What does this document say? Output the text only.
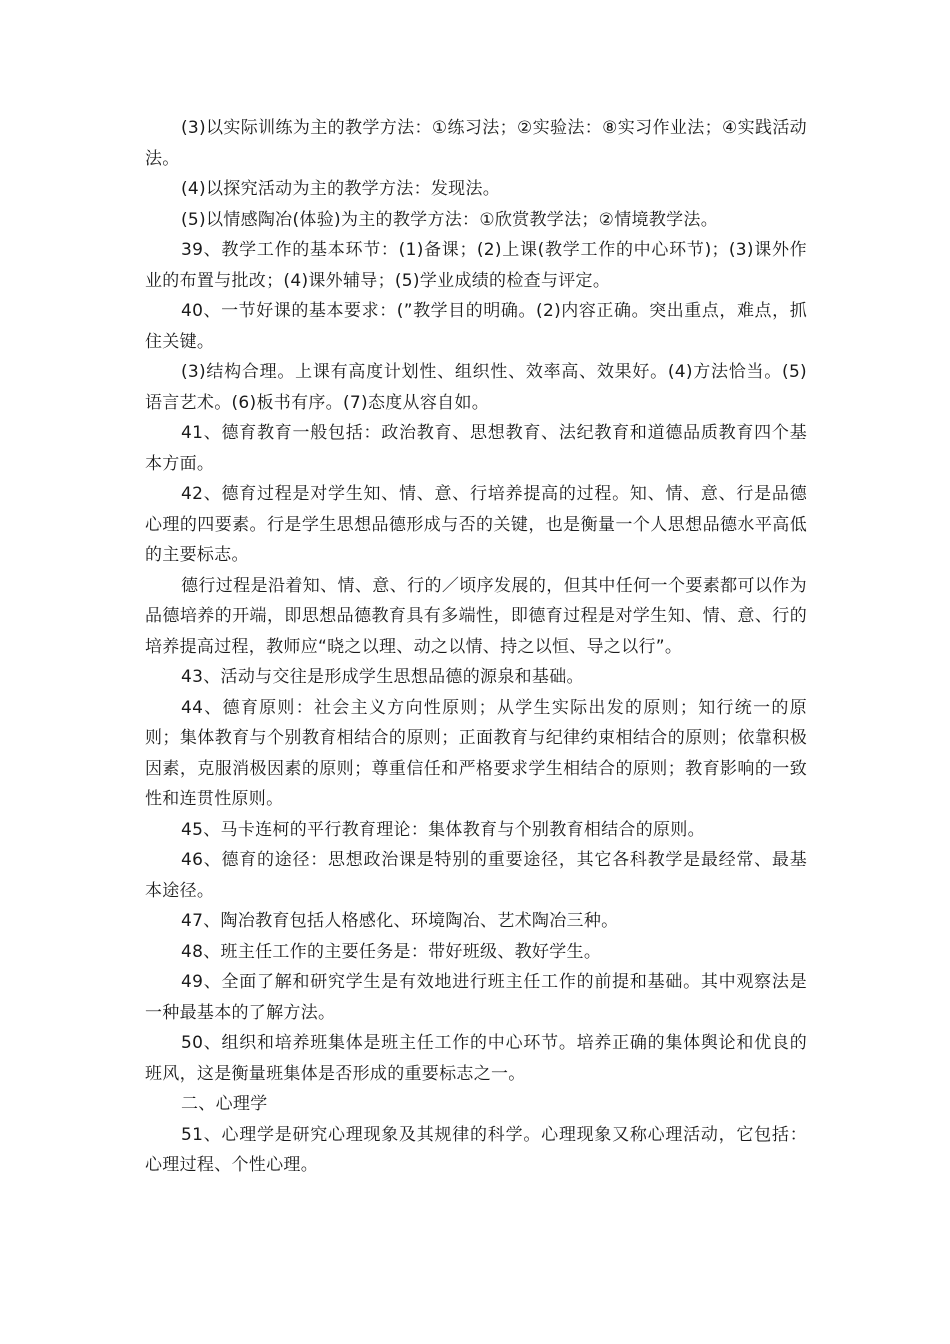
(3)以实际训练为主的教学方法：①练习法；②实验法：⑧实习作业法；④实践活动法。

(4)以探究活动为主的教学方法：发现法。

(5)以情感陶冶(体验)为主的教学方法：①欣赏教学法；②情境教学法。

39、教学工作的基本环节：(1)备课；(2)上课(教学工作的中心环节)；(3)课外作业的布置与批改；(4)课外辅导；(5)学业成绩的检查与评定。

40、一节好课的基本要求：(”教学目的明确。(2)内容正确。突出重点，难点，抓住关键。

(3)结构合理。上课有高度计划性、组织性、效率高、效果好。(4)方法恰当。(5)语言艺术。(6)板书有序。(7)态度从容自如。

41、德育教育一般包括：政治教育、思想教育、法纪教育和道德品质教育四个基本方面。

42、德育过程是对学生知、情、意、行培养提高的过程。知、情、意、行是品德心理的四要素。行是学生思想品德形成与否的关键，也是衡量一个人思想品德水平高低的主要标志。

德行过程是沿着知、情、意、行的／顷序发展的，但其中任何一个要素都可以作为品德培养的开端，即思想品德教育具有多端性，即德育过程是对学生知、情、意、行的培养提高过程，教师应“晓之以理、动之以情、持之以恒、导之以行”。

43、活动与交往是形成学生思想品德的源泉和基础。

44、德育原则：社会主义方向性原则；从学生实际出发的原则；知行统一的原则；集体教育与个别教育相结合的原则；正面教育与纪律约束相结合的原则；依靠积极因素，克服消极因素的原则；尊重信任和严格要求学生相结合的原则；教育影响的一致性和连贯性原则。

45、马卡连柯的平行教育理论：集体教育与个别教育相结合的原则。

46、德育的途径：思想政治课是特别的重要途径，其它各科教学是最经常、最基本途径。

47、陶冶教育包括人格感化、环境陶冶、艺术陶冶三种。

48、班主任工作的主要任务是：带好班级、教好学生。

49、全面了解和研究学生是有效地进行班主任工作的前提和基础。其中观察法是一种最基本的了解方法。

50、组织和培养班集体是班主任工作的中心环节。培养正确的集体舆论和优良的班风，这是衡量班集体是否形成的重要标志之一。

二、心理学

51、心理学是研究心理现象及其规律的科学。心理现象又称心理活动，它包括：心理过程、个性心理。
